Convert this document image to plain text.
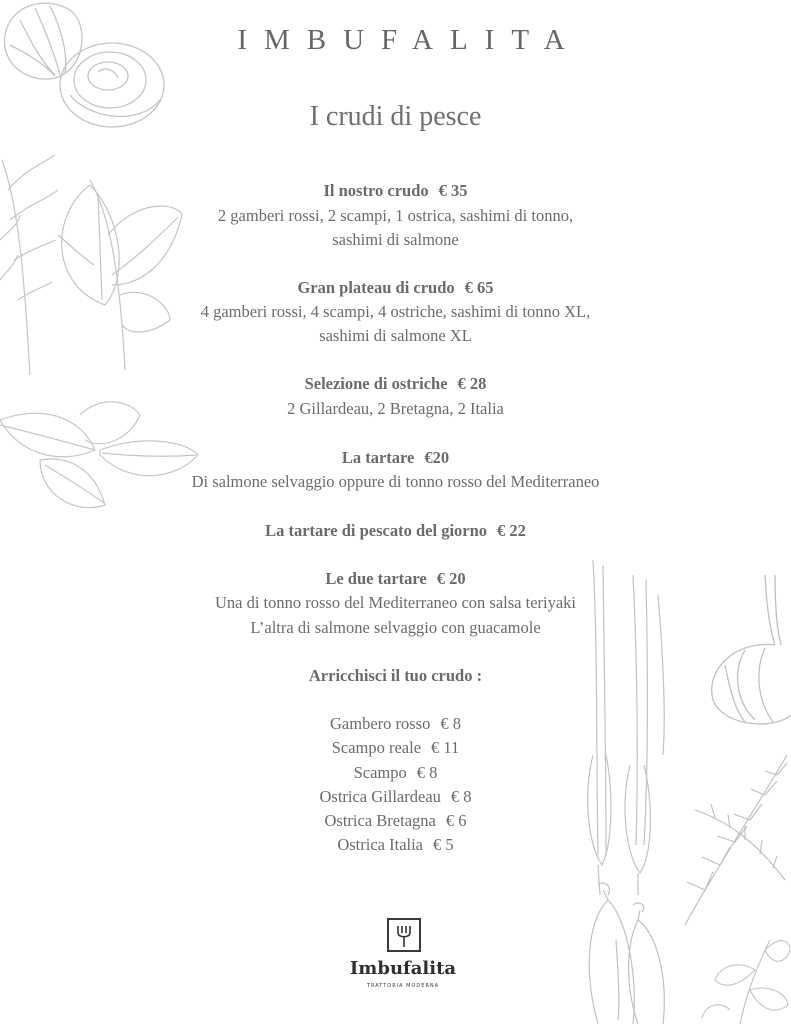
IMBUFALITA
I crudi di pesce
Il nostro crudo € 35
2 gamberi rossi, 2 scampi, 1 ostrica, sashimi di tonno,
sashimi di salmone
Gran plateau di crudo € 65
4 gamberi rossi, 4 scampi, 4 ostriche, sashimi di tonno XL,
sashimi di salmone XL
Selezione di ostriche € 28
2 Gillardeau, 2 Bretagna, 2 Italia
La tartare €20
Di salmone selvaggio oppure di tonno rosso del Mediterraneo
La tartare di pescato del giorno € 22
Le due tartare € 20
Una di tonno rosso del Mediterraneo con salsa teriyaki
L’altra di salmone selvaggio con guacamole
Arricchisci il tuo crudo :
Gambero rosso € 8
Scampo reale € 11
Scampo € 8
Ostrica Gillardeau € 8
Ostrica Bretagna € 6
Ostrica Italia € 5
Imbufalita
TRATTORIA MODERNA
